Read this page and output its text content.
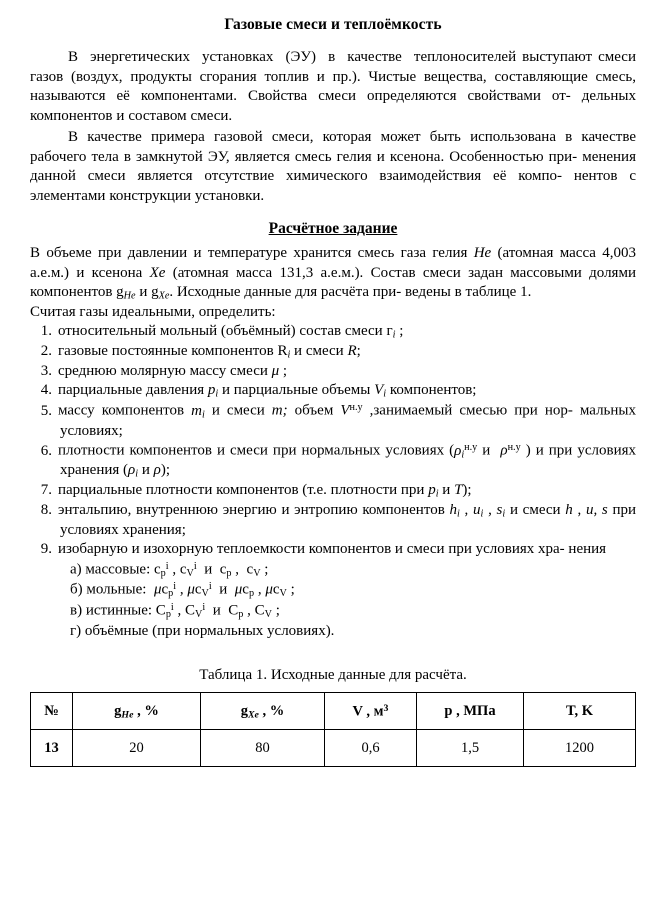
Газовые смеси и теплоёмкость

В  энергетических  установках  (ЭУ)  в  качестве  теплоносителей выступают смеси газов (воздух, продукты сгорания топлив и пр.). Чистые вещества, составляющие смесь, называются её компонентами. Свойства смеси определяются свойствами от- дельных компонентов и составом смеси.

В качестве примера газовой смеси, которая может быть использована в качестве рабочего тела в замкнутой ЭУ, является смесь гелия и ксенона. Особенностью при- менения данной смеси является отсутствие химического взаимодействия её компо- нентов с элементами конструкции установки.

Расчётное задание

В объеме при давлении и температуре хранится смесь газа гелия He (атомная масса 4,003 а.е.м.) и ксенона Xe (атомная масса 131,3 а.е.м.). Состав смеси задан массовыми долями компонентов $g_{He}$ и $g_{Xe}$. Исходные данные для расчёта при- ведены в таблице 1.

Считая газы идеальными, определить:

1. относительный мольный (объёмный) состав смеси $г_i$ ;
2. газовые постоянные компонентов $R_i$ и смеси R;
3. среднюю молярную массу смеси μ ;
4. парциальные давления $p_i$ и парциальные объемы $V_i$ компонентов;
5. массу компонентов $m_i$ и смеси m; объем $V^{н.у}$ ,занимаемый смесью при нор- мальных условиях;
6. плотности компонентов и смеси при нормальных условиях ($\rho_i^{н.у}$ и  $\rho^{н.у}$ ) и при условиях хранения ($\rho_i$ и ρ);
7. парциальные плотности компонентов (т.е. плотности при $p_i$ и T);
8. энтальпию, внутреннюю энергию и энтропию компонентов $h_i$ , $u_i$ , $s_i$ и смеси h , u, s при условиях хранения;
9. изобарную и изохорную теплоемкости компонентов и смеси при условиях хра- нения
а) массовые: $c_р^i$ , $c_V^i$  и  $c_р$ ,  $c_V$ ;
б) мольные:  $\mu c_р^i$ , $\mu c_V^i$  и  $\mu c_р$ , $\mu c_V$ ;
в) истинные: $C_р^i$ , $C_V^i$  и  $C_р$ , $C_V$ ;
г) объёмные (при нормальных условиях).
Таблица 1. Исходные данные для расчёта.
№	$g_{He}$ , %	$g_{Xe}$ , %	V , $м^3$	p , МПа	T, K
13	20	80	0,6	1,5	1200
